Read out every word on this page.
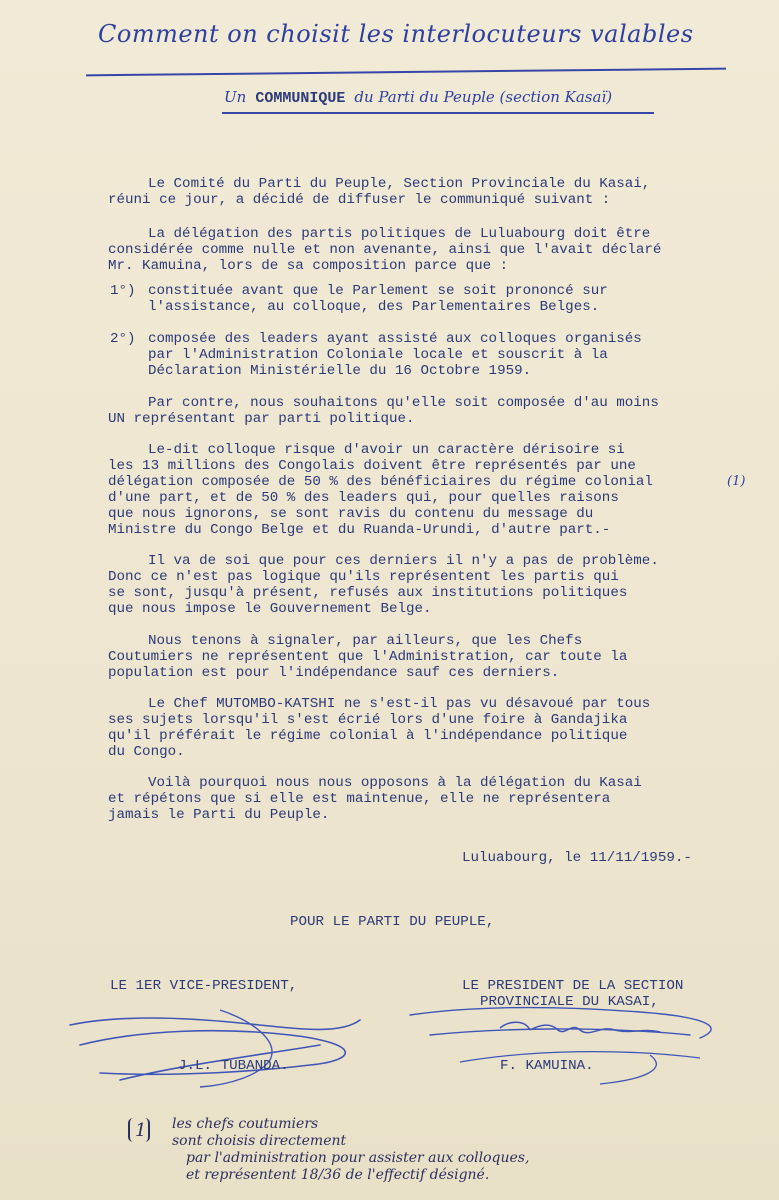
Comment on choisit les interlocuteurs valables
Un COMMUNIQUE du Parti du Peuple (section Kasaï)
Le Comité du Parti du Peuple, Section Provinciale du Kasai,
réuni ce jour, a décidé de diffuser le communiqué suivant :
La délégation des partis politiques de Luluabourg doit être
considérée comme nulle et non avenante, ainsi que l'avait déclaré
Mr. Kamuina, lors de sa composition parce que :
1°) constituée avant que le Parlement se soit prononcé sur
l'assistance, au colloque, des Parlementaires Belges.
2°) composée des leaders ayant assisté aux colloques organisés
par l'Administration Coloniale locale et souscrit à la
Déclaration Ministérielle du 16 Octobre 1959.
Par contre, nous souhaitons qu'elle soit composée d'au moins
UN représentant par parti politique.
Le-dit colloque risque d'avoir un caractère dérisoire si
les 13 millions des Congolais doivent être représentés par une
délégation composée de 50 % des bénéficiaires du régime colonial
d'une part, et de 50 % des leaders qui, pour quelles raisons
que nous ignorons, se sont ravis du contenu du message du
Ministre du Congo Belge et du Ruanda-Urundi, d'autre part.-
(1)
Il va de soi que pour ces derniers il n'y a pas de problème.
Donc ce n'est pas logique qu'ils représentent les partis qui
se sont, jusqu'à présent, refusés aux institutions politiques
que nous impose le Gouvernement Belge.
Nous tenons à signaler, par ailleurs, que les Chefs
Coutumiers ne représentent que l'Administration, car toute la
population est pour l'indépendance sauf ces derniers.
Le Chef MUTOMBO-KATSHI ne s'est-il pas vu désavoué par tous
ses sujets lorsqu'il s'est écrié lors d'une foire à Gandajika
qu'il préférait le régime colonial à l'indépendance politique
du Congo.
Voilà pourquoi nous nous opposons à la délégation du Kasai
et répétons que si elle est maintenue, elle ne représentera
jamais le Parti du Peuple.
Luluabourg, le 11/11/1959.-
POUR LE PARTI DU PEUPLE,
LE 1ER VICE-PRESIDENT,	LE PRESIDENT DE LA SECTION
PROVINCIALE DU KASAI,
J.L. TUBANDA.	F. KAMUINA.
1 les chefs coutumiers
sont choisis directement
par l'administration pour assister aux colloques,
et représentent 18/36 de l'effectif désigné.
